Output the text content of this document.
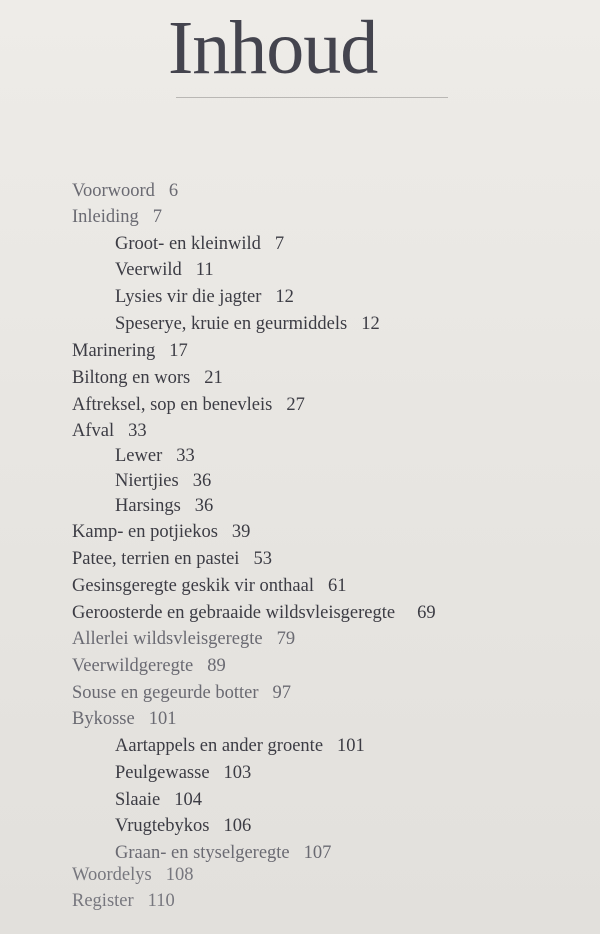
Inhoud
Voorwoord 6
Inleiding 7
Groot- en kleinwild 7
Veerwild 11
Lysies vir die jagter 12
Speserye, kruie en geurmiddels 12
Marinering 17
Biltong en wors 21
Aftreksel, sop en benevleis 27
Afval 33
Lewer 33
Niertjies 36
Harsings 36
Kamp- en potjiekos 39
Patee, terrien en pastei 53
Gesinsgeregte geskik vir onthaal 61
Geroosterde en gebraaide wildsvleisgeregte 69
Allerlei wildsvleisgeregte 79
Veerwildgeregte 89
Souse en gegeurde botter 97
Bykosse 101
Aartappels en ander groente 101
Peulgewasse 103
Slaaie 104
Vrugtebykos 106
Graan- en styselgeregte 107
Woordelys 108
Register 110
